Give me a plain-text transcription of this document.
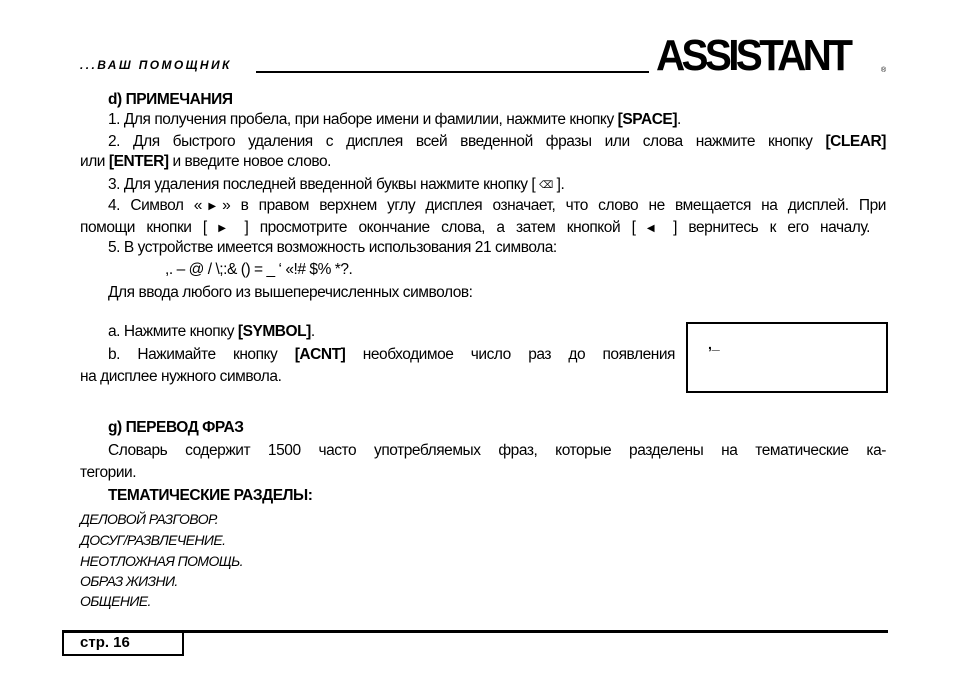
...ВАШ ПОМОЩНИК	ASSISTANT	®
d) ПРИМЕЧАНИЯ
1. Для получения пробела, при наборе имени и фамилии, нажмите кнопку [SPACE].
2. Для быстрого удаления с дисплея всей введенной фразы или слова нажмите кнопку [CLEAR]
или [ENTER] и введите новое слово.
3. Для удаления последней введенной буквы нажмите кнопку [ ⌫ ].
4. Символ «▶» в правом верхнем углу дисплея означает, что слово не вмещается на дисплей. При
помощи кнопки [ ▶ ] просмотрите окончание слова, а затем кнопкой [ ◀ ] вернитесь к его началу.
5. В устройстве имеется возможность использования 21 символа:
,. – @ / \;:& () = _ ‘ «!# $% *?.
Для ввода любого из вышеперечисленных символов:
a. Нажмите кнопку [SYMBOL].
b. Нажимайте кнопку [ACNT] необходимое число раз до появления
на дисплее нужного символа.
,_
g) ПЕРЕВОД ФРАЗ
Словарь содержит 1500 часто употребляемых фраз, которые разделены на тематические ка-
тегории.
ТЕМАТИЧЕСКИЕ РАЗДЕЛЫ:
ДЕЛОВОЙ РАЗГОВОР.
ДОСУГ/РАЗВЛЕЧЕНИЕ.
НЕОТЛОЖНАЯ ПОМОЩЬ.
ОБРАЗ ЖИЗНИ.
ОБЩЕНИЕ.
стр. 16
